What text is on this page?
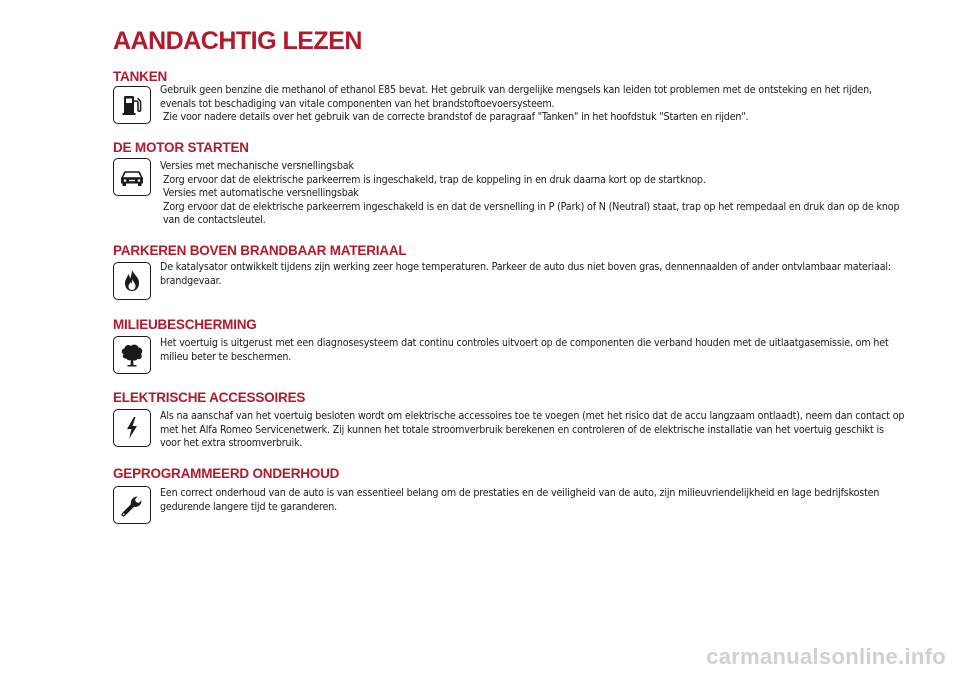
AANDACHTIG LEZEN
TANKEN

Gebruik geen benzine die methanol of ethanol E85 bevat. Het gebruik van dergelijke mengsels kan leiden tot problemen met de ontsteking en het rijden, evenals tot beschadiging van vitale componenten van het brandstoftoevoersysteem.

Zie voor nadere details over het gebruik van de correcte brandstof de paragraaf "Tanken" in het hoofdstuk "Starten en rijden".

DE MOTOR STARTEN

Versies met mechanische versnellingsbak

Zorg ervoor dat de elektrische parkeerrem is ingeschakeld, trap de koppeling in en druk daarna kort op de startknop.

Versies met automatische versnellingsbak

Zorg ervoor dat de elektrische parkeerrem ingeschakeld is en dat de versnelling in P (Park) of N (Neutral) staat, trap op het rempedaal en druk dan op de knop van de contactsleutel.

PARKEREN BOVEN BRANDBAAR MATERIAAL

De katalysator ontwikkelt tijdens zijn werking zeer hoge temperaturen. Parkeer de auto dus niet boven gras, dennennaalden of ander ontvlambaar materiaal: brandgevaar.

MILIEUBESCHERMING

Het voertuig is uitgerust met een diagnosesysteem dat continu controles uitvoert op de componenten die verband houden met de uitlaatgasemissie, om het milieu beter te beschermen.

ELEKTRISCHE ACCESSOIRES

Als na aanschaf van het voertuig besloten wordt om elektrische accessoires toe te voegen (met het risico dat de accu langzaam ontlaadt), neem dan contact op met het Alfa Romeo Servicenetwerk. Zij kunnen het totale stroomverbruik berekenen en controleren of de elektrische installatie van het voertuig geschikt is voor het extra stroomverbruik.

GEPROGRAMMEERD ONDERHOUD

Een correct onderhoud van de auto is van essentieel belang om de prestaties en de veiligheid van de auto, zijn milieuvriendelijkheid en lage bedrijfskosten gedurende langere tijd te garanderen.

carmanualsonline.info
